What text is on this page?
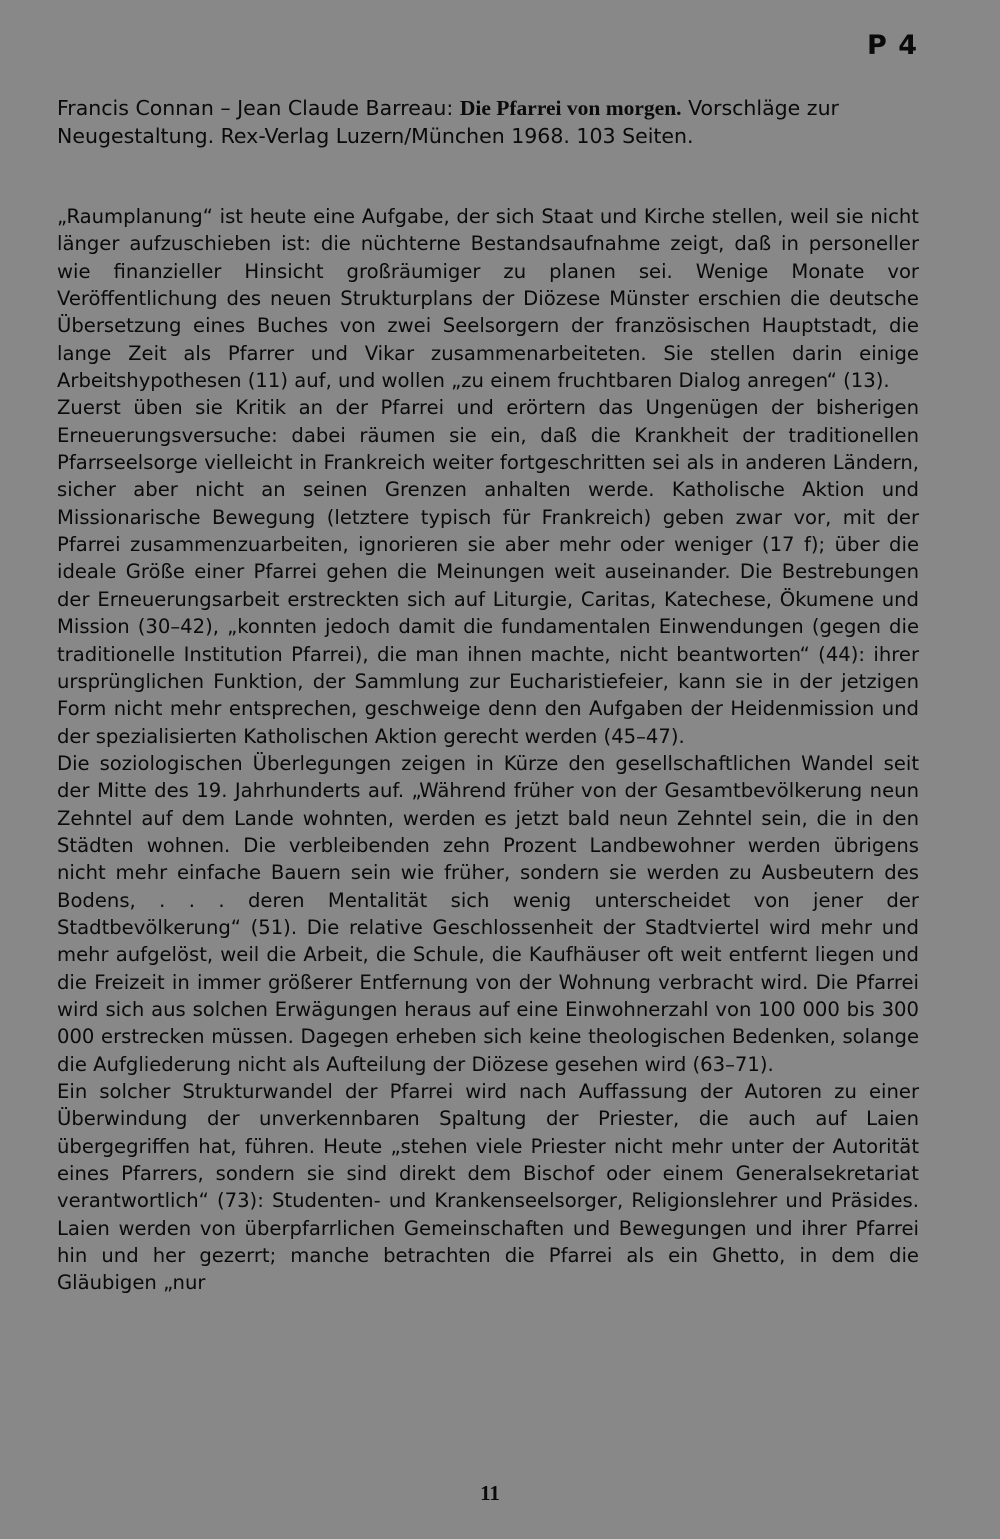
P 4
Francis Connan – Jean Claude Barreau: Die Pfarrei von morgen. Vorschläge zur Neugestaltung. Rex-Verlag Luzern/München 1968. 103 Seiten.

„Raumplanung“ ist heute eine Aufgabe, der sich Staat und Kirche stellen, weil sie nicht länger aufzuschieben ist: die nüchterne Bestandsaufnahme zeigt, daß in personeller wie finanzieller Hinsicht großräumiger zu planen sei. Wenige Monate vor Veröffentlichung des neuen Strukturplans der Diözese Münster erschien die deutsche Übersetzung eines Buches von zwei Seelsorgern der französischen Hauptstadt, die lange Zeit als Pfarrer und Vikar zusammenarbeiteten. Sie stellen darin einige Arbeitshypothesen (11) auf, und wollen „zu einem fruchtbaren Dialog anregen“ (13).

Zuerst üben sie Kritik an der Pfarrei und erörtern das Ungenügen der bisherigen Erneuerungsversuche: dabei räumen sie ein, daß die Krankheit der traditionellen Pfarrseelsorge vielleicht in Frankreich weiter fortgeschritten sei als in anderen Ländern, sicher aber nicht an seinen Grenzen anhalten werde. Katholische Aktion und Missionarische Bewegung (letztere typisch für Frankreich) geben zwar vor, mit der Pfarrei zusammenzuarbeiten, ignorieren sie aber mehr oder weniger (17 f); über die ideale Größe einer Pfarrei gehen die Meinungen weit auseinander. Die Bestrebungen der Erneuerungsarbeit erstreckten sich auf Liturgie, Caritas, Katechese, Ökumene und Mission (30–42), „konnten jedoch damit die fundamentalen Einwendungen (gegen die traditionelle Institution Pfarrei), die man ihnen machte, nicht beantworten“ (44): ihrer ursprünglichen Funktion, der Sammlung zur Eucharistiefeier, kann sie in der jetzigen Form nicht mehr entsprechen, geschweige denn den Aufgaben der Heidenmission und der spezialisierten Katholischen Aktion gerecht werden (45–47).

Die soziologischen Überlegungen zeigen in Kürze den gesellschaftlichen Wandel seit der Mitte des 19. Jahrhunderts auf. „Während früher von der Gesamtbevölkerung neun Zehntel auf dem Lande wohnten, werden es jetzt bald neun Zehntel sein, die in den Städten wohnen. Die verbleibenden zehn Prozent Landbewohner werden übrigens nicht mehr einfache Bauern sein wie früher, sondern sie werden zu Ausbeutern des Bodens, . . . deren Mentalität sich wenig unterscheidet von jener der Stadtbevölkerung“ (51). Die relative Geschlossenheit der Stadtviertel wird mehr und mehr aufgelöst, weil die Arbeit, die Schule, die Kaufhäuser oft weit entfernt liegen und die Freizeit in immer größerer Entfernung von der Wohnung verbracht wird. Die Pfarrei wird sich aus solchen Erwägungen heraus auf eine Einwohnerzahl von 100 000 bis 300 000 erstrecken müssen. Dagegen erheben sich keine theologischen Bedenken, solange die Aufgliederung nicht als Aufteilung der Diözese gesehen wird (63–71).

Ein solcher Strukturwandel der Pfarrei wird nach Auffassung der Autoren zu einer Überwindung der unverkennbaren Spaltung der Priester, die auch auf Laien übergegriffen hat, führen. Heute „stehen viele Priester nicht mehr unter der Autorität eines Pfarrers, sondern sie sind direkt dem Bischof oder einem Generalsekretariat verantwortlich“ (73): Studenten- und Krankenseelsorger, Religionslehrer und Präsides. Laien werden von überpfarrlichen Gemeinschaften und Bewegungen und ihrer Pfarrei hin und her gezerrt; manche betrachten die Pfarrei als ein Ghetto, in dem die Gläubigen „nur

11
